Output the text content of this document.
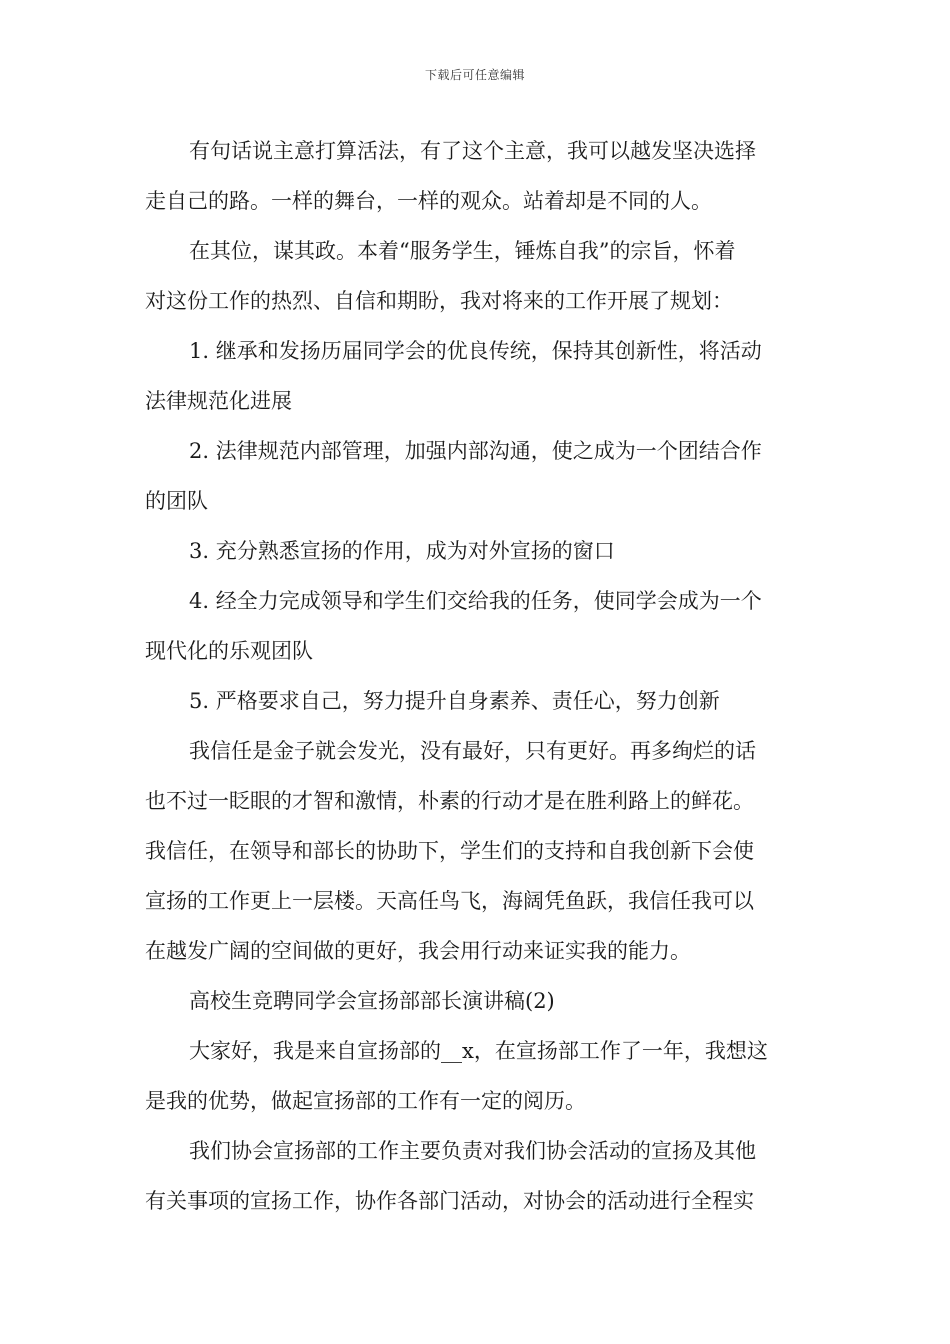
下载后可任意编辑
有句话说主意打算活法，有了这个主意，我可以越发坚决选择
走自己的路。一样的舞台，一样的观众。站着却是不同的人。
在其位，谋其政。本着“服务学生，锤炼自我”的宗旨，怀着
对这份工作的热烈、自信和期盼，我对将来的工作开展了规划：
1. 继承和发扬历届同学会的优良传统，保持其创新性，将活动
法律规范化进展
2. 法律规范内部管理，加强内部沟通，使之成为一个团结合作
的团队
3. 充分熟悉宣扬的作用，成为对外宣扬的窗口
4. 经全力完成领导和学生们交给我的任务，使同学会成为一个
现代化的乐观团队
5. 严格要求自己，努力提升自身素养、责任心，努力创新
我信任是金子就会发光，没有最好，只有更好。再多绚烂的话
也不过一眨眼的才智和激情，朴素的行动才是在胜利路上的鲜花。
我信任，在领导和部长的协助下，学生们的支持和自我创新下会使
宣扬的工作更上一层楼。天高任鸟飞，海阔凭鱼跃，我信任我可以
在越发广阔的空间做的更好，我会用行动来证实我的能力。
高校生竞聘同学会宣扬部部长演讲稿(2)
大家好，我是来自宣扬部的__x，在宣扬部工作了一年，我想这
是我的优势，做起宣扬部的工作有一定的阅历。
我们协会宣扬部的工作主要负责对我们协会活动的宣扬及其他
有关事项的宣扬工作，协作各部门活动，对协会的活动进行全程实
